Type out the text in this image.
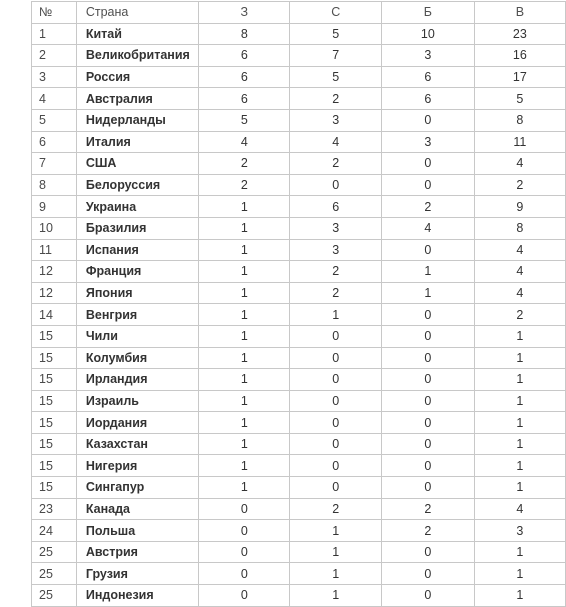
№	Страна	З	С	Б	В
1	Китай	8	5	10	23
2	Великобритания	6	7	3	16
3	Россия	6	5	6	17
4	Австралия	6	2	6	5
5	Нидерланды	5	3	0	8
6	Италия	4	4	3	11
7	США	2	2	0	4
8	Белоруссия	2	0	0	2
9	Украина	1	6	2	9
10	Бразилия	1	3	4	8
11	Испания	1	3	0	4
12	Франция	1	2	1	4
12	Япония	1	2	1	4
14	Венгрия	1	1	0	2
15	Чили	1	0	0	1
15	Колумбия	1	0	0	1
15	Ирландия	1	0	0	1
15	Израиль	1	0	0	1
15	Иордания	1	0	0	1
15	Казахстан	1	0	0	1
15	Нигерия	1	0	0	1
15	Сингапур	1	0	0	1
23	Канада	0	2	2	4
24	Польша	0	1	2	3
25	Австрия	0	1	0	1
25	Грузия	0	1	0	1
25	Индонезия	0	1	0	1
